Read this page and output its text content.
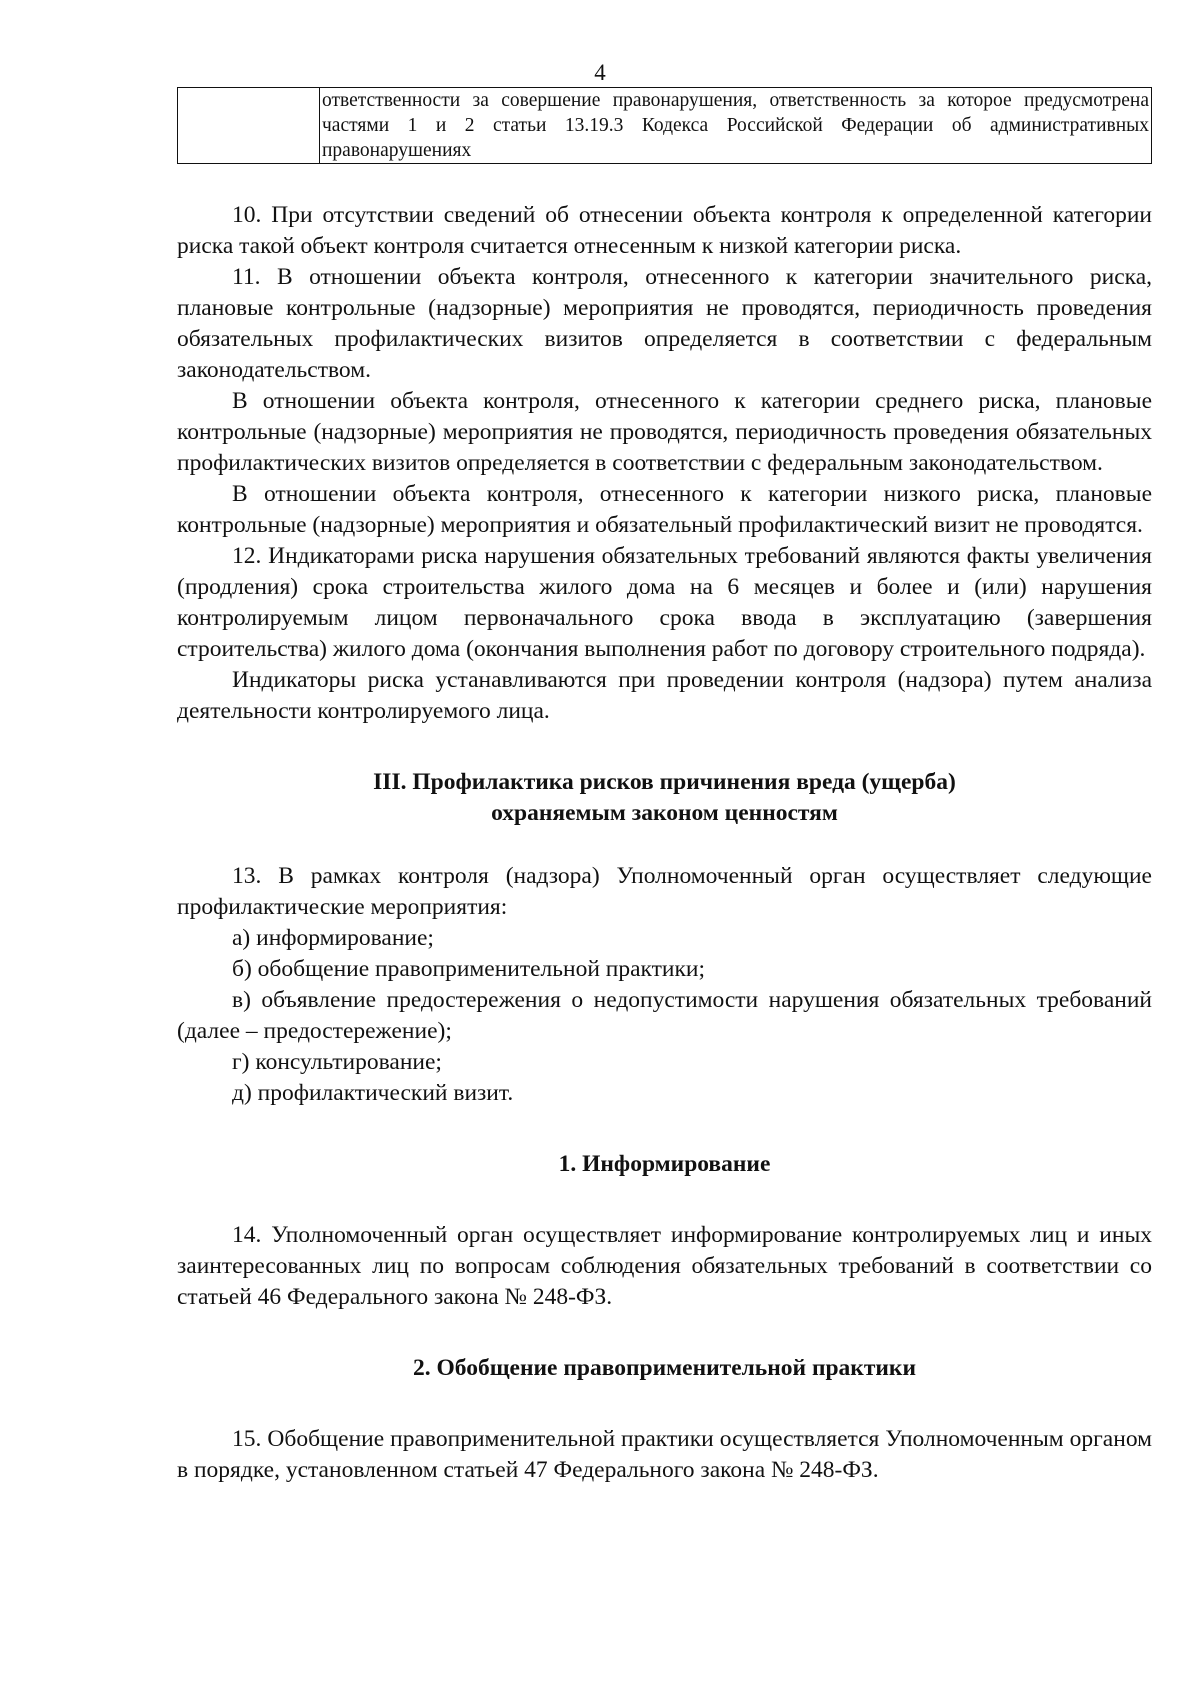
4
	ответственности за совершение правонарушения, ответственность за которое предусмотрена частями 1 и 2 статьи 13.19.3 Кодекса Российской Федерации об административных правонарушениях

10. При отсутствии сведений об отнесении объекта контроля к определенной категории риска такой объект контроля считается отнесенным к низкой категории риска.

11. В отношении объекта контроля, отнесенного к категории значительного риска, плановые контрольные (надзорные) мероприятия не проводятся, периодичность проведения обязательных профилактических визитов определяется в соответствии с федеральным законодательством.

В отношении объекта контроля, отнесенного к категории среднего риска, плановые контрольные (надзорные) мероприятия не проводятся, периодичность проведения обязательных профилактических визитов определяется в соответствии с федеральным законодательством.

В отношении объекта контроля, отнесенного к категории низкого риска, плановые контрольные (надзорные) мероприятия и обязательный профилактический визит не проводятся.

12. Индикаторами риска нарушения обязательных требований являются факты увеличения (продления) срока строительства жилого дома на 6 месяцев и более и (или) нарушения контролируемым лицом первоначального срока ввода в эксплуатацию (завершения строительства) жилого дома (окончания выполнения работ по договору строительного подряда).

Индикаторы риска устанавливаются при проведении контроля (надзора) путем анализа деятельности контролируемого лица.

III. Профилактика рисков причинения вреда (ущерба)

охраняемым законом ценностям

13. В рамках контроля (надзора) Уполномоченный орган осуществляет следующие профилактические мероприятия:

а) информирование;

б) обобщение правоприменительной практики;

в) объявление предостережения о недопустимости нарушения обязательных требований (далее – предостережение);

г) консультирование;

д) профилактический визит.

1. Информирование

14. Уполномоченный орган осуществляет информирование контролируемых лиц и иных заинтересованных лиц по вопросам соблюдения обязательных требований в соответствии со статьей 46 Федерального закона № 248-ФЗ.

2. Обобщение правоприменительной практики

15. Обобщение правоприменительной практики осуществляется Уполномоченным органом в порядке, установленном статьей 47 Федерального закона № 248-ФЗ.
